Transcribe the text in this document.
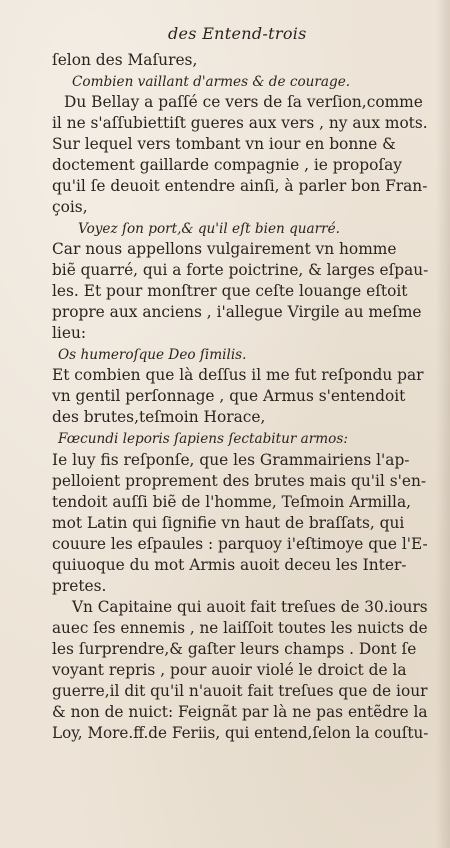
des Entend-trois
ſelon des Maſures,
Combien vaillant d'armes & de courage.
Du Bellay a paſſé ce vers de ſa verſion,comme
il ne s'aſſubiettiſt gueres aux vers , ny aux mots.
Sur lequel vers tombant vn iour en bonne &
doctement gaillarde compagnie , ie propoſay
qu'il ſe deuoit entendre ainſi, à parler bon Fran-
çois,
Voyez ſon port,& qu'il eſt bien quarré.
Car nous appellons vulgairement vn homme
biẽ quarré, qui a forte poictrine, & larges eſpau-
les. Et pour monſtrer que ceſte louange eſtoit
propre aux anciens , i'alleguе Virgile au meſme
lieu:
Os humeroſque Deo ſimilis.
Et combien que là deſſus il me fut reſpondu par
vn gentil perſonnage , que Armus s'entendoit
des brutes,teſmoin Horace,
Fœcundi leporis ſapiens ſectabitur armos:
Ie luy fis reſponſe, que les Grammairiens l'ap-
pelloient proprement des brutes mais qu'il s'en-
tendoit auſſi biẽ de l'homme, Teſmoin Armilla,
mot Latin qui ſignifie vn haut de braſſats, qui
couure les eſpaules : parquoy i'eſtimoye que l'E-
quiuoque du mot Armis auoit deceu les Inter-
pretes.
Vn Capitaine qui auoit fait treſues de 30.iours
auec ſes ennemis , ne laiſſoit toutes les nuicts de
les ſurprendre,& gaſter leurs champs . Dont ſe
voyant repris , pour auoir violé le droict de la
guerre,il dit qu'il n'auoit fait treſues que de iour
& non de nuict: Feignãt par là ne pas entẽdre la
Loy, More.ff.de Feriis, qui entend,ſelon la couſtu-
